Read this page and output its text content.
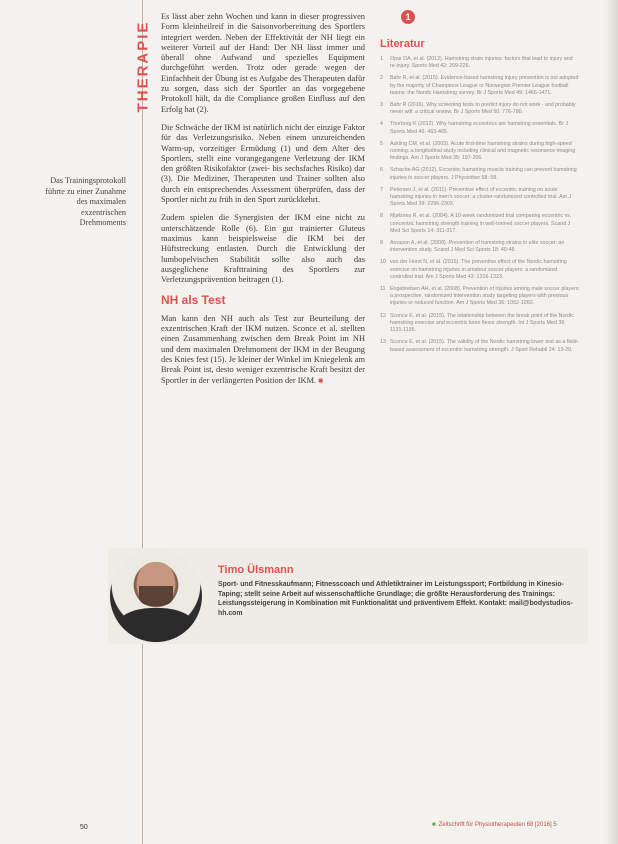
THERAPIE
Das Trainingsprotokoll führte zu einer Zunahme des maximalen exzentrischen Drehmoments

Es lässt aber zehn Wochen und kann in dieser progressiven Form kleinheilreif in die Saisonvorbereitung des Sportlers integriert werden. Neben der Effektivität der NH liegt ein weiterer Vorteil auf der Hand: Der NH lässt immer und überall ohne Aufwand und spezielles Equipment durchgeführt werden. Trotz oder gerade wegen der Einfachheit der Übung ist es Aufgabe des Therapeuten dafür zu sorgen, dass sich der Sportler an das vorgegebene Protokoll hält, da die Compliance großen Einfluss auf den Erfolg hat (2).

Die Schwäche der IKM ist natürlich nicht der einzige Faktor für das Verletzungsrisiko. Neben einem unzureichenden Warm-up, vorzeitiger Ermüdung (1) und dem Alter des Sportlers, stellt eine vorangegangene Verletzung der IKM den größten Risikofaktor (zwei- bis sechsfaches Risiko) dar (3). Die Mediziner, Therapeuten und Trainer sollten also durch ein entsprechendes Assessment überprüfen, dass der Sportler nicht zu früh in den Sport zurückkehrt.

Zudem spielen die Synergisten der IKM eine nicht zu unterschätzende Rolle (6). Ein gut trainierter Gluteus maximus kann beispielsweise die IKM bei der Hüftstreckung entlasten. Durch die Entwicklung der lumbopelvischen Stabilität sollte also auch das ausgeglichene Krafttraining des Sportlers zur Verletzungsprävention beitragen (1).

NH als Test

Man kann den NH auch als Test zur Beurteilung der exzentrischen Kraft der IKM nutzen. Sconce et al. stellten einen Zusammenhang zwischen dem Break Point im NH und dem maximalen Drehmoment der IKM in der Beugung des Knies fest (15). Je kleiner der Winkel im Kniegelenk am Break Point ist, desto weniger exzentrische Kraft besitzt der Sportler in der verlängerten Position der IKM. ■

1
Literatur
1	Opar DA, et al. (2012). Hamstring strain injuries: factors that lead to injury and re-injury. Sports Med 42: 209-226.
2	Bahr R, et al. (2015). Evidence-based hamstring injury prevention is not adopted by the majority of Champions League or Norwegian Premier League football teams: the Nordic Hamstring survey. Br J Sports Med 49: 1466-1471.
3	Bahr R (2016). Why screening tests to predict injury do not work - and probably never will: a critical review. Br J Sports Med 50: 776-780.
4	Thorborg K (2012). Why hamstring eccentrics are hamstring essentials. Br J Sports Med 46: 463-465.
5	Askling CM, et al. (2003). Acute first-time hamstring strains during high-speed running: a longitudinal study including clinical and magnetic resonance imaging findings. Am J Sports Med 35: 197-206.
6	Schache AG (2012). Eccentric hamstring muscle training can prevent hamstring injuries in soccer players. J Physiother 58: 58.
7	Petersen J, et al. (2011). Preventive effect of eccentric training on acute hamstring injuries in men's soccer: a cluster-randomized controlled trial. Am J Sports Med 39: 2296-2303.
8	Mjølsnes R, et al. (2004). A 10-week randomized trial comparing eccentric vs. concentric hamstring strength training in well-trained soccer players. Scand J Med Sci Sports 14: 311-317.
9	Arnason A, et al. (2008). Prevention of hamstring strains in elite soccer: an intervention study. Scand J Med Sci Sports 18: 40-48.
10 van der Horst N, et al. (2015). The preventive effect of the Nordic hamstring exercise on hamstring injuries in amateur soccer players: a randomized controlled trial. Am J Sports Med 43: 1316-1323.
11 Engebretsen AH, et al. (2008). Prevention of injuries among male soccer players: a prospective, randomized intervention study targeting players with previous injuries or reduced function. Am J Sports Med 36: 1052-1060.
12 Sconce E, et al. (2015). The relationship between the break point of the Nordic hamstring exercise and eccentric knee flexor strength. Int J Sports Med 36: 1131-1136.
13 Sconce E, et al. (2015). The validity of the Nordic hamstring lower test as a field-based assessment of eccentric hamstring strength. J Sport Rehabil 24: 13-20.
Timo Ülsmann
Sport- und Fitnesskaufmann; Fitnesscoach und Athletiktrainer im Leistungssport; Fortbildung in Kinesio-Taping; stellt seine Arbeit auf wissenschaftliche Grundlage; die größte Herausforderung des Trainings: Leistungssteigerung in Kombination mit Funktionalität und präventivem Effekt. Kontakt: mail@bodystudios-hh.com
50	■ Zeitschrift für Physiotherapeuten 68 [2016] 5
